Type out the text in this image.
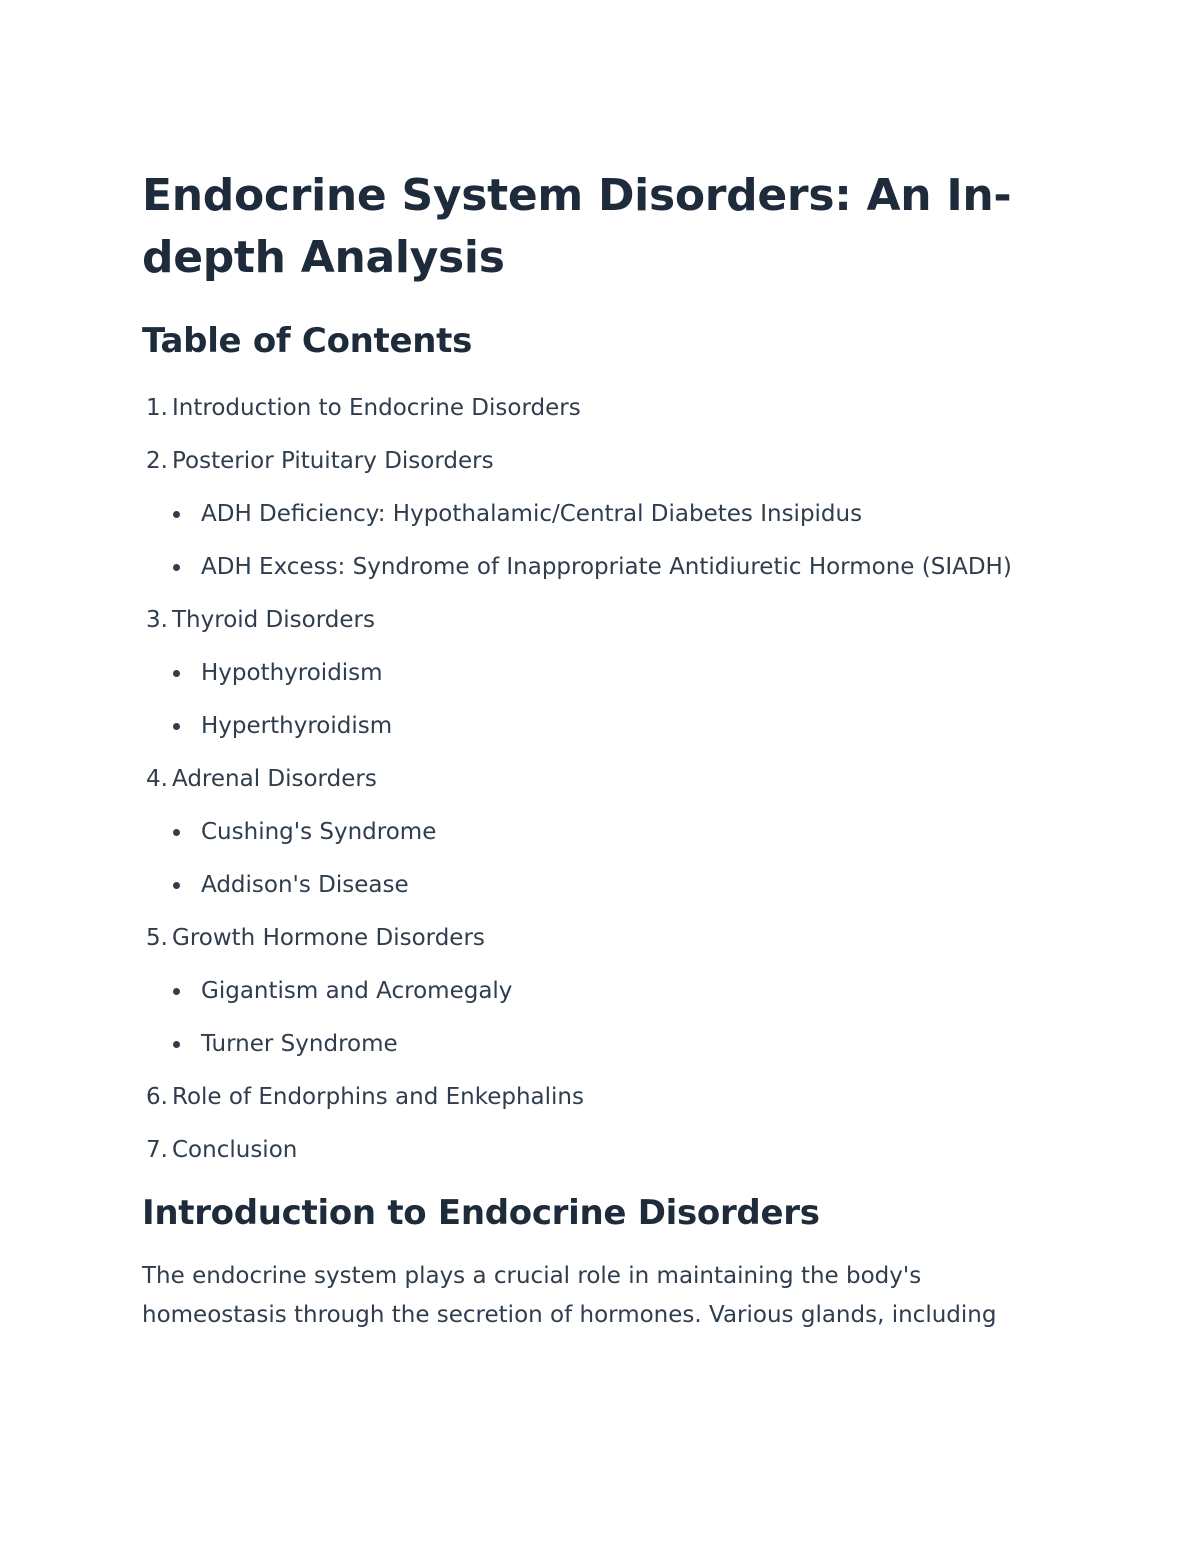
Endocrine System Disorders: An In-
depth Analysis
Table of Contents
1. Introduction to Endocrine Disorders
2. Posterior Pituitary Disorders
ADH Deficiency: Hypothalamic/Central Diabetes Insipidus
ADH Excess: Syndrome of Inappropriate Antidiuretic Hormone (SIADH)
3. Thyroid Disorders
Hypothyroidism
Hyperthyroidism
4. Adrenal Disorders
Cushing's Syndrome
Addison's Disease
5. Growth Hormone Disorders
Gigantism and Acromegaly
Turner Syndrome
6. Role of Endorphins and Enkephalins
7. Conclusion
Introduction to Endocrine Disorders

The endocrine system plays a crucial role in maintaining the body's
homeostasis through the secretion of hormones. Various glands, including
